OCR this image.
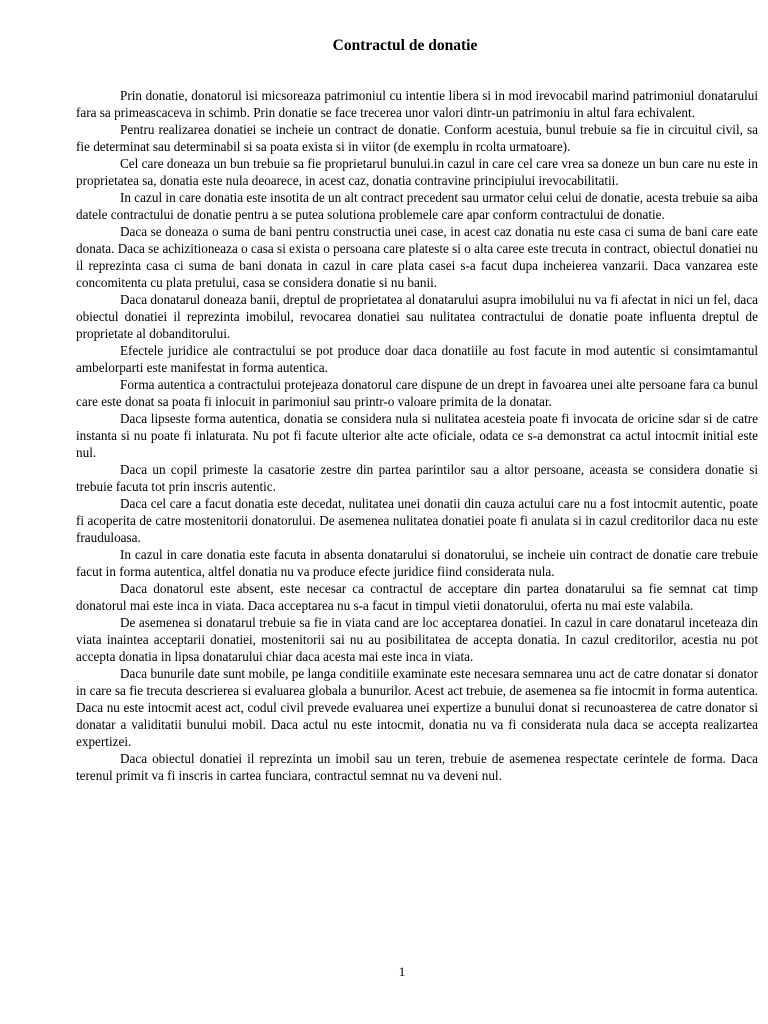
Contractul de donatie

Prin donatie, donatorul isi micsoreaza patrimoniul cu intentie libera si in mod irevocabil marind patrimoniul donatarului fara sa primeascaceva in schimb. Prin donatie se face trecerea unor valori dintr-un patrimoniu in altul fara echivalent.

Pentru realizarea donatiei se incheie un contract de donatie. Conform acestuia, bunul trebuie sa fie in circuitul civil, sa fie determinat sau determinabil si sa poata exista si in viitor (de exemplu in rcolta urmatoare).

Cel care doneaza un bun trebuie sa fie proprietarul bunului.in cazul in care cel care vrea sa doneze un bun care nu este in proprietatea sa, donatia este nula deoarece, in acest caz, donatia contravine principiului irevocabilitatii.

In cazul in care donatia este insotita de un alt contract precedent sau urmator celui celui de donatie, acesta trebuie sa aiba datele contractului de donatie pentru a se putea solutiona problemele care apar conform contractului de donatie.

Daca se doneaza o suma de bani pentru constructia unei case, in acest caz donatia nu este casa ci suma de bani care eate donata. Daca se achizitioneaza o casa si exista o persoana care plateste si o alta caree este trecuta in contract, obiectul donatiei nu il reprezinta casa ci suma de bani donata in cazul in care plata casei s-a facut dupa incheierea vanzarii. Daca vanzarea este concomitenta cu plata pretului, casa se considera donatie si nu banii.

Daca donatarul doneaza banii, dreptul de proprietatea al donatarului asupra imobilului nu va fi afectat in nici un fel, daca obiectul donatiei il reprezinta imobilul, revocarea donatiei sau nulitatea contractului de donatie poate influenta dreptul de proprietate al dobanditorului.

Efectele juridice ale contractului se pot produce doar daca donatiile au fost facute in mod autentic si consimtamantul ambelorparti este manifestat in forma autentica.

Forma autentica a contractului protejeaza donatorul care dispune de un drept in favoarea unei alte persoane fara ca bunul care este donat sa poata fi inlocuit in parimoniul sau printr-o valoare primita de la donatar.

Daca lipseste forma autentica, donatia se considera nula si nulitatea acesteia poate fi invocata de oricine sdar si de catre instanta si nu poate fi inlaturata. Nu pot fi facute ulterior alte acte oficiale, odata ce s-a demonstrat ca actul intocmit initial este nul.

Daca un copil primeste la casatorie zestre din partea parintilor sau a altor persoane, aceasta se considera donatie si trebuie facuta tot prin inscris autentic.

Daca cel care a facut donatia este decedat, nulitatea unei donatii din cauza actului care nu a fost intocmit autentic, poate fi acoperita de catre mostenitorii donatorului. De asemenea nulitatea donatiei poate fi anulata si in cazul creditorilor daca nu este frauduloasa.

In cazul in care donatia este facuta in absenta donatarului si donatorului, se incheie uin contract de donatie care trebuie facut in forma autentica, altfel donatia nu va produce efecte juridice fiind considerata nula.

Daca donatorul este absent, este necesar ca contractul de acceptare din partea donatarului sa fie semnat cat timp donatorul mai este inca in viata. Daca acceptarea nu s-a facut in timpul vietii donatorului, oferta nu mai este valabila.

De asemenea si donatarul trebuie sa fie in viata cand are loc acceptarea donatiei. In cazul in care donatarul inceteaza din viata inaintea acceptarii donatiei, mostenitorii sai nu au posibilitatea de accepta donatia. In cazul creditorilor, acestia nu pot accepta donatia in lipsa donatarului chiar daca acesta mai este inca in viata.

Daca bunurile date sunt mobile, pe langa conditiile examinate este necesara semnarea unu act de catre donatar si donator in care sa fie trecuta descrierea si evaluarea globala a bunurilor. Acest act trebuie, de asemenea sa fie intocmit in forma autentica. Daca nu este intocmit acest act, codul civil prevede evaluarea unei expertize a bunului donat si recunoasterea de catre donator si donatar a validitatii bunului mobil. Daca actul nu este intocmit, donatia nu va fi considerata nula daca se accepta realizartea expertizei.

Daca obiectul donatiei il reprezinta un imobil sau un teren, trebuie de asemenea respectate cerintele de forma. Daca terenul primit va fi inscris in cartea funciara, contractul semnat nu va deveni nul.

1
